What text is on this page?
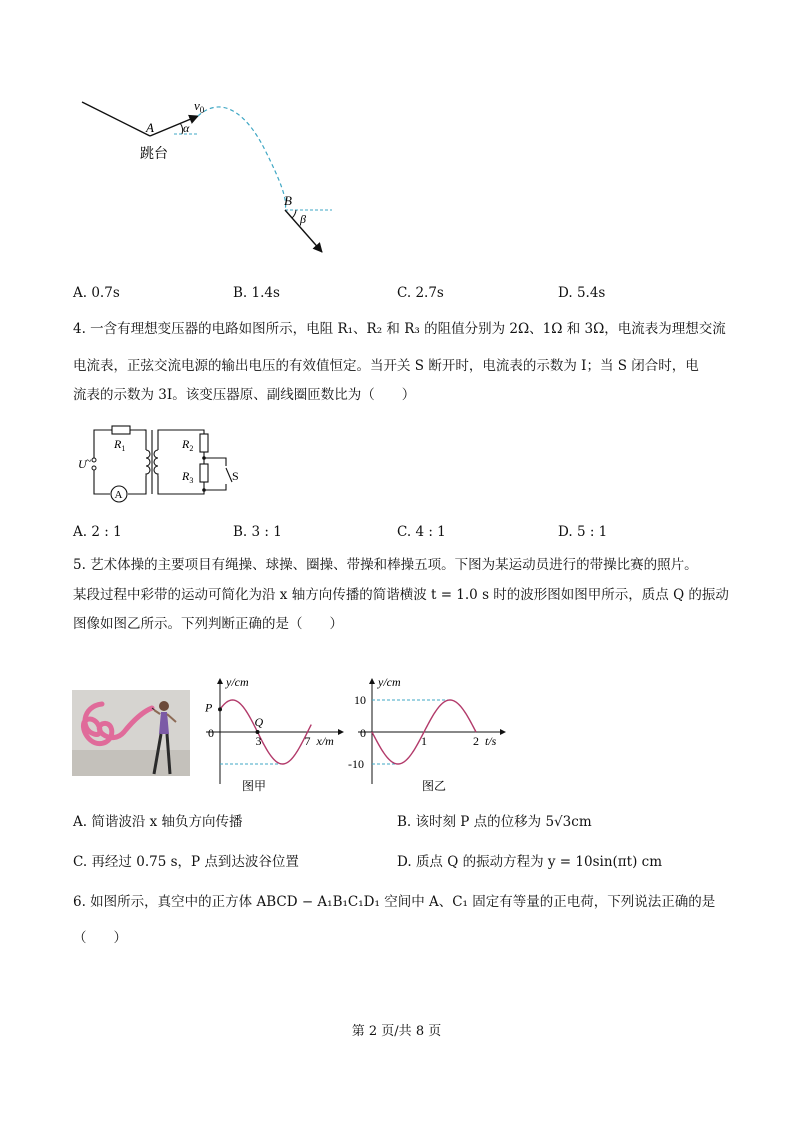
$v_0$
A α
跳台
B
β
A. 0.7s	B. 1.4s	C. 2.7s	D. 5.4s
4. 一含有理想变压器的电路如图所示，电阻 R₁、R₂ 和 R₃ 的阻值分别为 2Ω、1Ω 和 3Ω，电流表为理想交流
电流表，正弦交流电源的输出电压的有效值恒定。当开关 S 断开时，电流表的示数为 I；当 S 闭合时，电
流表的示数为 3I。该变压器原、副线圈匝数比为（　　）
A
U ~
$R_1$	$R_2$
$R_3$	S
A. 2 : 1	B. 3 : 1	C. 4 : 1	D. 5 : 1
5. 艺术体操的主要项目有绳操、球操、圈操、带操和棒操五项。下图为某运动员进行的带操比赛的照片。
某段过程中彩带的运动可简化为沿 x 轴方向传播的简谐横波 t = 1.0 s 时的波形图如图甲所示，质点 Q 的振动
图像如图乙所示。下列判断正确的是（　　）
y/cm
P
Q
0
3	7 x/m
图甲
y/cm
10
-10
0
1	2 t/s
图乙
A. 简谐波沿 x 轴负方向传播	B. 该时刻 P 点的位移为 5√3cm
C. 再经过 0.75 s，P 点到达波谷位置	D. 质点 Q 的振动方程为 y = 10sin(πt) cm
6. 如图所示，真空中的正方体 ABCD − A₁B₁C₁D₁ 空间中 A、C₁ 固定有等量的正电荷，下列说法正确的是
（　　）
第 2 页/共 8 页
